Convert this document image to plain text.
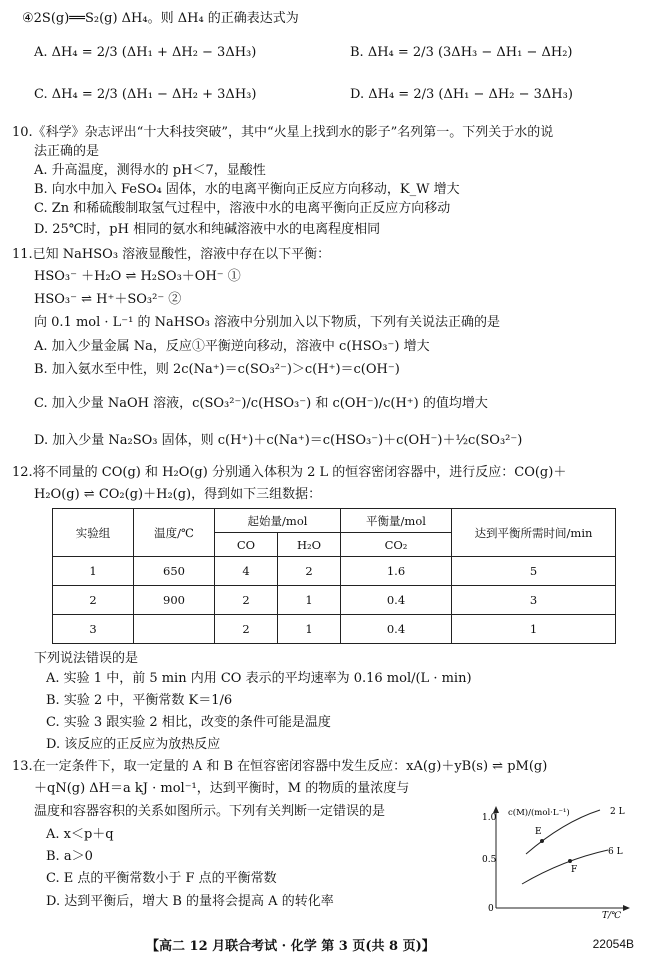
④2S(g)══S₂(g) ΔH₄。则 ΔH₄ 的正确表达式为
A. ΔH₄ = 2/3 (ΔH₁ + ΔH₂ − 3ΔH₃)	B. ΔH₄ = 2/3 (3ΔH₃ − ΔH₁ − ΔH₂)
C. ΔH₄ = 2/3 (ΔH₁ − ΔH₂ + 3ΔH₃)	D. ΔH₄ = 2/3 (ΔH₁ − ΔH₂ − 3ΔH₃)
10.《科学》杂志评出“十大科技突破”，其中“火星上找到水的影子”名列第一。下列关于水的说
法正确的是
A. 升高温度，测得水的 pH＜7，显酸性
B. 向水中加入 FeSO₄ 固体，水的电离平衡向正反应方向移动，K_W 增大
C. Zn 和稀硫酸制取氢气过程中，溶液中水的电离平衡向正反应方向移动
D. 25℃时，pH 相同的氨水和纯碱溶液中水的电离程度相同
11.已知 NaHSO₃ 溶液显酸性，溶液中存在以下平衡：
HSO₃⁻ ＋H₂O ⇌ H₂SO₃＋OH⁻ ①
HSO₃⁻ ⇌ H⁺＋SO₃²⁻ ②
向 0.1 mol · L⁻¹ 的 NaHSO₃ 溶液中分别加入以下物质，下列有关说法正确的是
A. 加入少量金属 Na，反应①平衡逆向移动，溶液中 c(HSO₃⁻) 增大
B. 加入氨水至中性，则 2c(Na⁺)＝c(SO₃²⁻)＞c(H⁺)＝c(OH⁻)
C. 加入少量 NaOH 溶液，c(SO₃²⁻)/c(HSO₃⁻) 和 c(OH⁻)/c(H⁺) 的值均增大
D. 加入少量 Na₂SO₃ 固体，则 c(H⁺)＋c(Na⁺)＝c(HSO₃⁻)＋c(OH⁻)＋½c(SO₃²⁻)
12.将不同量的 CO(g) 和 H₂O(g) 分别通入体积为 2 L 的恒容密闭容器中，进行反应：CO(g)＋
H₂O(g) ⇌ CO₂(g)＋H₂(g)，得到如下三组数据：
实验组	温度/℃	起始量/mol		平衡量/mol	达到平衡所需时间/min
		CO	H₂O	CO₂	
1	650	4	2	1.6	5
2	900	2	1	0.4	3
3		2	1	0.4	1
下列说法错误的是
A. 实验 1 中，前 5 min 内用 CO 表示的平均速率为 0.16 mol/(L · min)
B. 实验 2 中，平衡常数 K＝1/6
C. 实验 3 跟实验 2 相比，改变的条件可能是温度
D. 该反应的正反应为放热反应
13.在一定条件下，取一定量的 A 和 B 在恒容密闭容器中发生反应：xA(g)＋yB(s) ⇌ pM(g)
＋qN(g) ΔH＝a kJ · mol⁻¹，达到平衡时，M 的物质的量浓度与
温度和容器容积的关系如图所示。下列有关判断一定错误的是
A. x＜p＋q
B. a＞0
C. E 点的平衡常数小于 F 点的平衡常数
D. 达到平衡后，增大 B 的量将会提高 A 的转化率
c(M)/(mol·L⁻¹)
T/℃
1.0
0.5
0
E
F
2 L
6 L
【高二 12 月联合考试 · 化学 第 3 页(共 8 页)】	22054B
